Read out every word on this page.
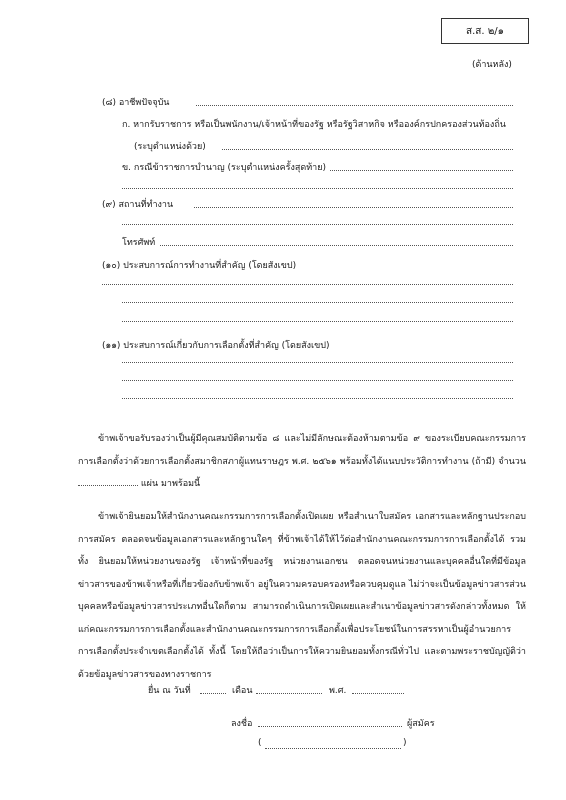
ส.ส. ๒/๑
(ด้านหลัง)
(๘) อาชีพปัจจุบัน
ก. หากรับราชการ หรือเป็นพนักงาน/เจ้าหน้าที่ของรัฐ หรือรัฐวิสาหกิจ หรือองค์กรปกครองส่วนท้องถิ่น
(ระบุตำแหน่งด้วย)
ข. กรณีข้าราชการบำนาญ (ระบุตำแหน่งครั้งสุดท้าย)
(๙) สถานที่ทำงาน
โทรศัพท์
(๑๐) ประสบการณ์การทำงานที่สำคัญ (โดยสังเขป)
(๑๑) ประสบการณ์เกี่ยวกับการเลือกตั้งที่สำคัญ (โดยสังเขป)
ข้าพเจ้าขอรับรองว่าเป็นผู้มีคุณสมบัติตามข้อ ๘ และไม่มีลักษณะต้องห้ามตามข้อ ๙ ของระเบียบคณะกรรมการการเลือกตั้งว่าด้วยการเลือกตั้งสมาชิกสภาผู้แทนราษฎร พ.ศ. ๒๕๖๑ พร้อมทั้งได้แนบประวัติการทำงาน (ถ้ามี) จำนวน  แผ่น มาพร้อมนี้
ข้าพเจ้ายินยอมให้สำนักงานคณะกรรมการการเลือกตั้งเปิดเผย หรือสำเนาใบสมัคร เอกสารและหลักฐานประกอบการสมัคร ตลอดจนข้อมูลเอกสารและหลักฐานใดๆ ที่ข้าพเจ้าได้ให้ไว้ต่อสำนักงานคณะกรรมการการเลือกตั้งได้ รวมทั้ง ยินยอมให้หน่วยงานของรัฐ เจ้าหน้าที่ของรัฐ หน่วยงานเอกชน ตลอดจนหน่วยงานและบุคคลอื่นใดที่มีข้อมูลข่าวสารของข้าพเจ้าหรือที่เกี่ยวข้องกับข้าพเจ้า อยู่ในความครอบครองหรือควบคุมดูแล ไม่ว่าจะเป็นข้อมูลข่าวสารส่วนบุคคลหรือข้อมูลข่าวสารประเภทอื่นใดก็ตาม สามารถดำเนินการเปิดเผยและสำเนาข้อมูลข่าวสารดังกล่าวทั้งหมด ให้แก่คณะกรรมการการเลือกตั้งและสำนักงานคณะกรรมการการเลือกตั้งเพื่อประโยชน์ในการสรรหาเป็นผู้อำนวยการการเลือกตั้งประจำเขตเลือกตั้งได้ ทั้งนี้ โดยให้ถือว่าเป็นการให้ความยินยอมทั้งกรณีทั่วไป และตามพระราชบัญญัติว่าด้วยข้อมูลข่าวสารของทางราชการ
ยื่น ณ วันที่	เดือน	พ.ศ.
ลงชื่อ	ผู้สมัคร
(	)
